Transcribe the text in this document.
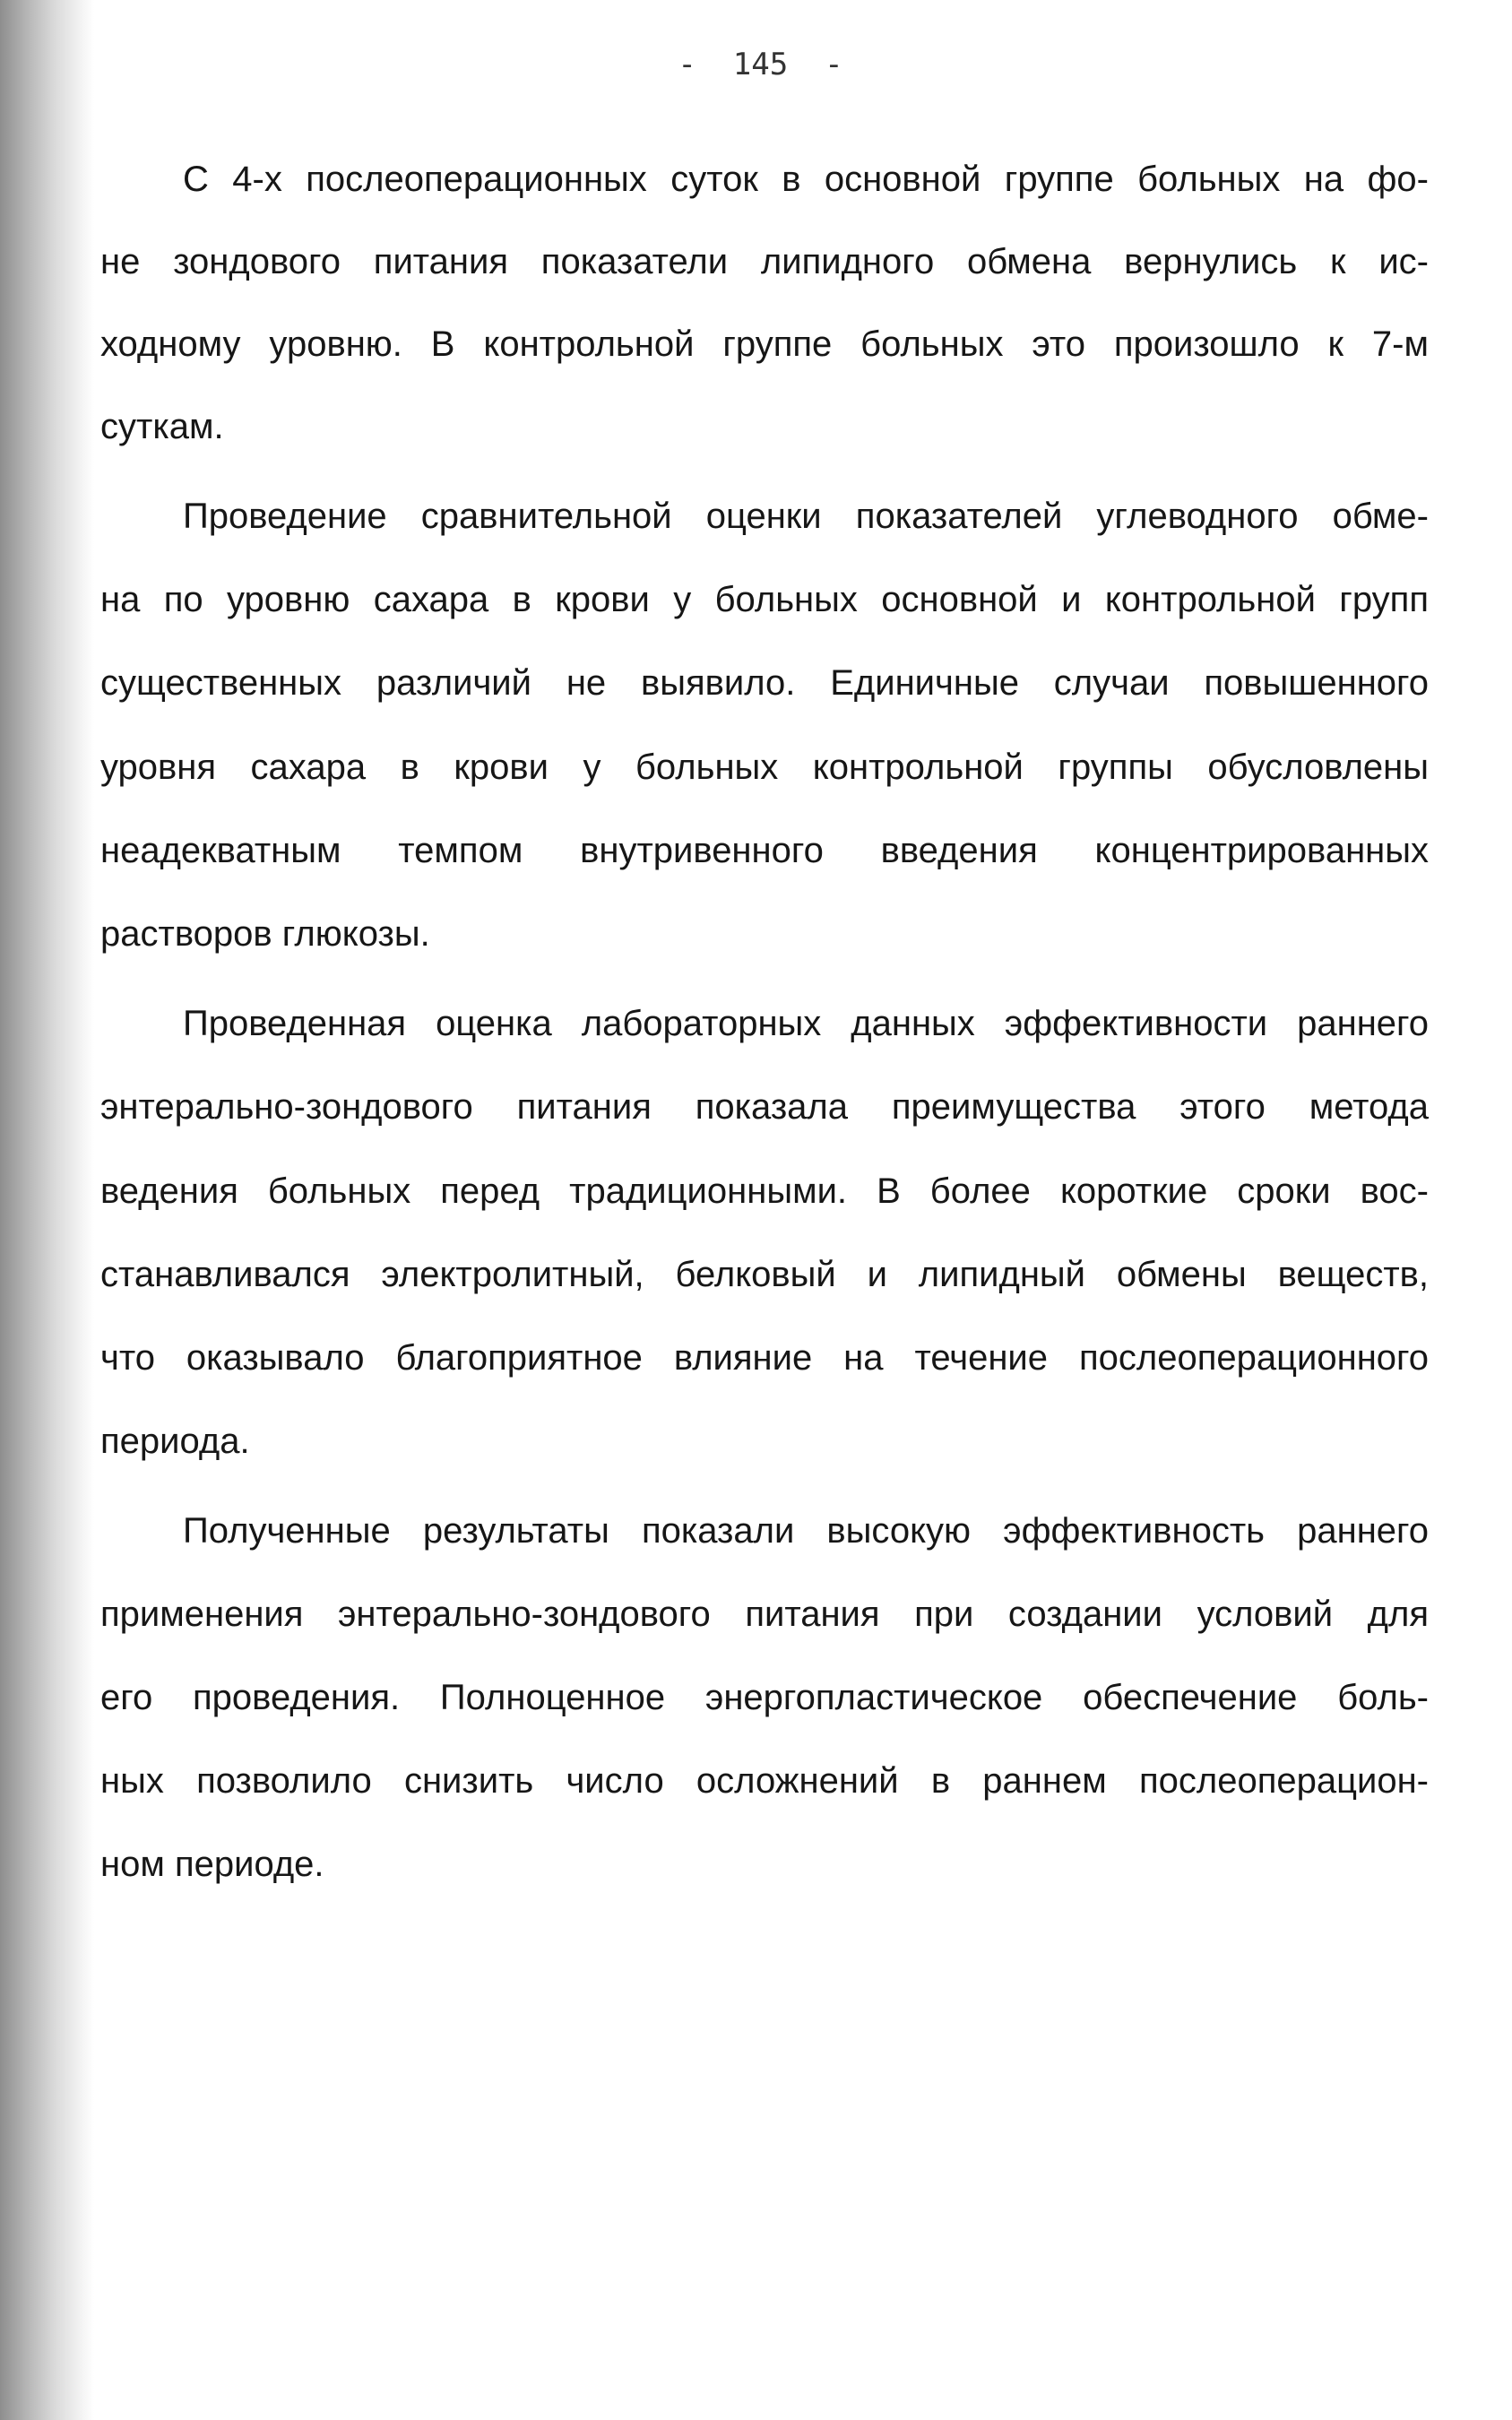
-  145  -
С 4-х послеоперационных суток в основной группе больных на фо-
не зондового питания показатели липидного обмена вернулись к ис-
ходному уровню. В контрольной группе больных это произошло к 7-м
суткам.
Проведение сравнительной оценки показателей углеводного обме-
на по уровню сахара в крови у больных основной и контрольной групп
существенных различий не выявило. Единичные случаи повышенного
уровня сахара в крови у больных контрольной группы обусловлены
неадекватным темпом внутривенного введения концентрированных
растворов глюкозы.
Проведенная оценка лабораторных данных эффективности раннего
энтерально-зондового питания показала преимущества этого метода
ведения больных перед традиционными. В более короткие сроки вос-
станавливался электролитный, белковый и липидный обмены веществ,
что оказывало благоприятное влияние на течение послеоперационного
периода.
Полученные результаты показали высокую эффективность раннего
применения энтерально-зондового питания при создании условий для
его проведения. Полноценное энергопластическое обеспечение боль-
ных позволило снизить число осложнений в раннем послеоперацион-
ном периоде.
